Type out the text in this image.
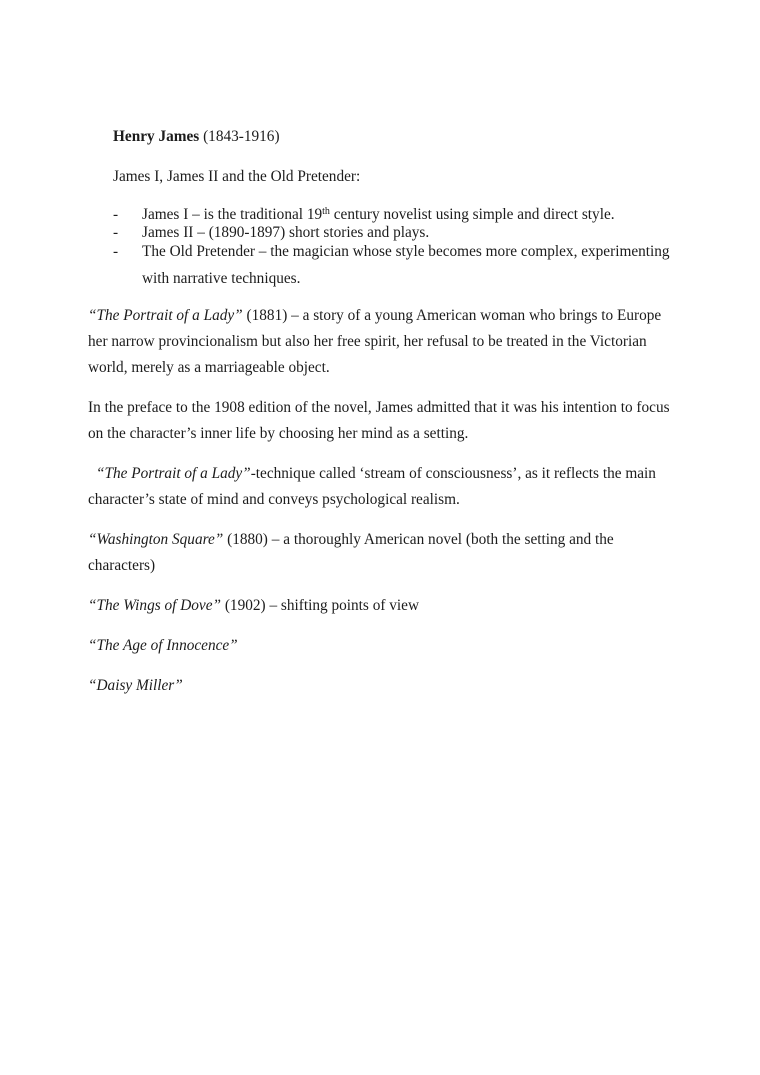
Henry James (1843-1916)

James I, James II and the Old Pretender:

-	James I – is the traditional 19th century novelist using simple and direct style.
-	James II – (1890-1897) short stories and plays.
-	The Old Pretender – the magician whose style becomes more complex, experimenting with narrative techniques.

“The Portrait of a Lady” (1881) – a story of a young American woman who brings to Europe her narrow provincionalism but also her free spirit, her refusal to be treated in the Victorian world, merely as a marriageable object.

In the preface to the 1908 edition of the novel, James admitted that it was his intention to focus on the character’s inner life by choosing her mind as a setting.

“The Portrait of a Lady”-technique called ‘stream of consciousness’, as it reflects the main character’s state of mind and conveys psychological realism.

“Washington Square” (1880) – a thoroughly American novel (both the setting and the characters)

“The Wings of Dove” (1902) – shifting points of view

“The Age of Innocence”

“Daisy Miller”
